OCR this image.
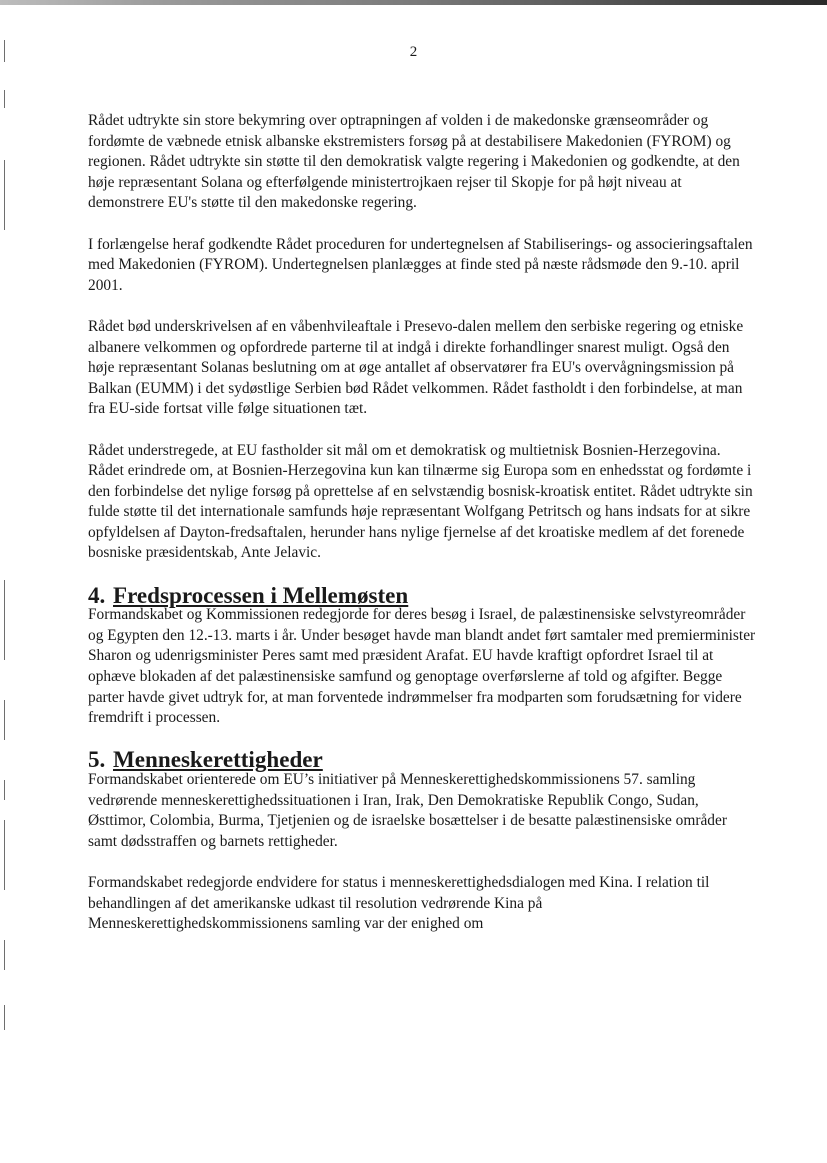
2

Rådet udtrykte sin store bekymring over optrapningen af volden i de makedonske grænseområder og fordømte de væbnede etnisk albanske ekstremisters forsøg på at destabilisere Makedonien (FYROM) og regionen. Rådet udtrykte sin støtte til den demokratisk valgte regering i Makedonien og godkendte, at den høje repræsentant Solana og efterfølgende ministertrojkaen rejser til Skopje for på højt niveau at demonstrere EU's støtte til den makedonske regering.

I forlængelse heraf godkendte Rådet proceduren for undertegnelsen af Stabiliserings- og associeringsaftalen med Makedonien (FYROM). Undertegnelsen planlægges at finde sted på næste rådsmøde den 9.-10. april 2001.

Rådet bød underskrivelsen af en våbenhvileaftale i Presevo-dalen mellem den serbiske regering og etniske albanere velkommen og opfordrede parterne til at indgå i direkte forhandlinger snarest muligt. Også den høje repræsentant Solanas beslutning om at øge antallet af observatører fra EU's overvågningsmission på Balkan (EUMM) i det sydøstlige Serbien bød Rådet velkommen. Rådet fastholdt i den forbindelse, at man fra EU-side fortsat ville følge situationen tæt.

Rådet understregede, at EU fastholder sit mål om et demokratisk og multietnisk Bosnien-Herzegovina. Rådet erindrede om, at Bosnien-Herzegovina kun kan tilnærme sig Europa som en enhedsstat og fordømte i den forbindelse det nylige forsøg på oprettelse af en selvstændig bosnisk-kroatisk entitet. Rådet udtrykte sin fulde støtte til det internationale samfunds høje repræsentant Wolfgang Petritsch og hans indsats for at sikre opfyldelsen af Dayton-fredsaftalen, herunder hans nylige fjernelse af det kroatiske medlem af det forenede bosniske præsidentskab, Ante Jelavic.

4. Fredsprocessen i Mellemøsten

Formandskabet og Kommissionen redegjorde for deres besøg i Israel, de palæstinensiske selvstyreområder og Egypten den 12.-13. marts i år. Under besøget havde man blandt andet ført samtaler med premierminister Sharon og udenrigsminister Peres samt med præsident Arafat. EU havde kraftigt opfordret Israel til at ophæve blokaden af det palæstinensiske samfund og genoptage overførslerne af told og afgifter. Begge parter havde givet udtryk for, at man forventede indrømmelser fra modparten som forudsætning for videre fremdrift i processen.

5. Menneskerettigheder

Formandskabet orienterede om EU’s initiativer på Menneskerettighedskommissionens 57. samling vedrørende menneskerettighedssituationen i Iran, Irak, Den Demokratiske Republik Congo, Sudan, Østtimor, Colombia, Burma, Tjetjenien og de israelske bosættelser i de besatte palæstinensiske områder samt dødsstraffen og barnets rettigheder.

Formandskabet redegjorde endvidere for status i menneskerettighedsdialogen med Kina. I relation til behandlingen af det amerikanske udkast til resolution vedrørende Kina på Menneskerettighedskommissionens samling var der enighed om
